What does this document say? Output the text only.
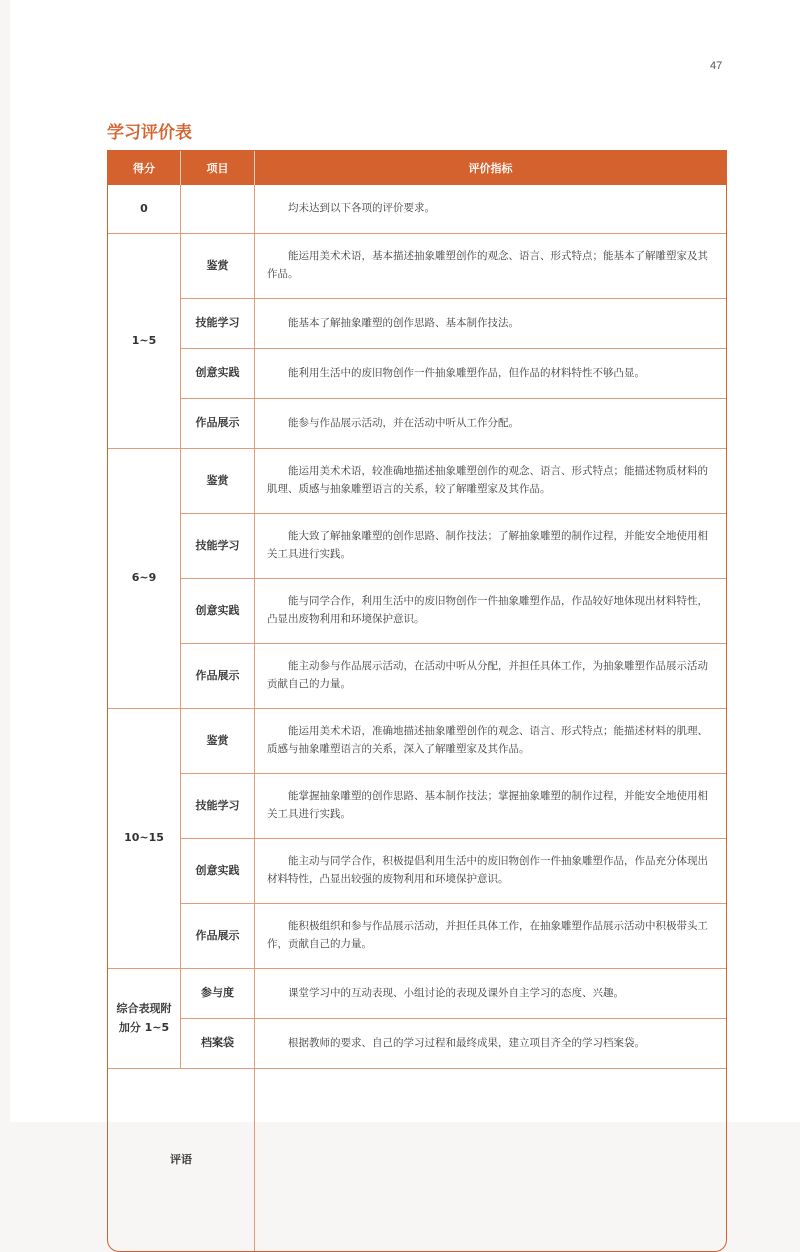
47
学习评价表
得分	项目	评价指标
0		均未达到以下各项的评价要求。
1~5	鉴赏	能运用美术术语，基本描述抽象雕塑创作的观念、语言、形式特点；能基本了解雕塑家及其作品。
	技能学习	能基本了解抽象雕塑的创作思路、基本制作技法。
	创意实践	能利用生活中的废旧物创作一件抽象雕塑作品，但作品的材料特性不够凸显。
	作品展示	能参与作品展示活动，并在活动中听从工作分配。
6~9	鉴赏	能运用美术术语，较准确地描述抽象雕塑创作的观念、语言、形式特点；能描述物质材料的肌理、质感与抽象雕塑语言的关系，较了解雕塑家及其作品。
	技能学习	能大致了解抽象雕塑的创作思路、制作技法；了解抽象雕塑的制作过程，并能安全地使用相关工具进行实践。
	创意实践	能与同学合作，利用生活中的废旧物创作一件抽象雕塑作品，作品较好地体现出材料特性，凸显出废物利用和环境保护意识。
	作品展示	能主动参与作品展示活动，在活动中听从分配，并担任具体工作，为抽象雕塑作品展示活动贡献自己的力量。
10~15	鉴赏	能运用美术术语，准确地描述抽象雕塑创作的观念、语言、形式特点；能描述材料的肌理、质感与抽象雕塑语言的关系，深入了解雕塑家及其作品。
	技能学习	能掌握抽象雕塑的创作思路、基本制作技法；掌握抽象雕塑的制作过程，并能安全地使用相关工具进行实践。
	创意实践	能主动与同学合作，积极提倡利用生活中的废旧物创作一件抽象雕塑作品，作品充分体现出材料特性，凸显出较强的废物利用和环境保护意识。
	作品展示	能积极组织和参与作品展示活动，并担任具体工作，在抽象雕塑作品展示活动中积极带头工作，贡献自己的力量。
综合表现附加分 1~5	参与度	课堂学习中的互动表现、小组讨论的表现及课外自主学习的态度、兴趣。
	档案袋	根据教师的要求、自己的学习过程和最终成果，建立项目齐全的学习档案袋。
评语		
